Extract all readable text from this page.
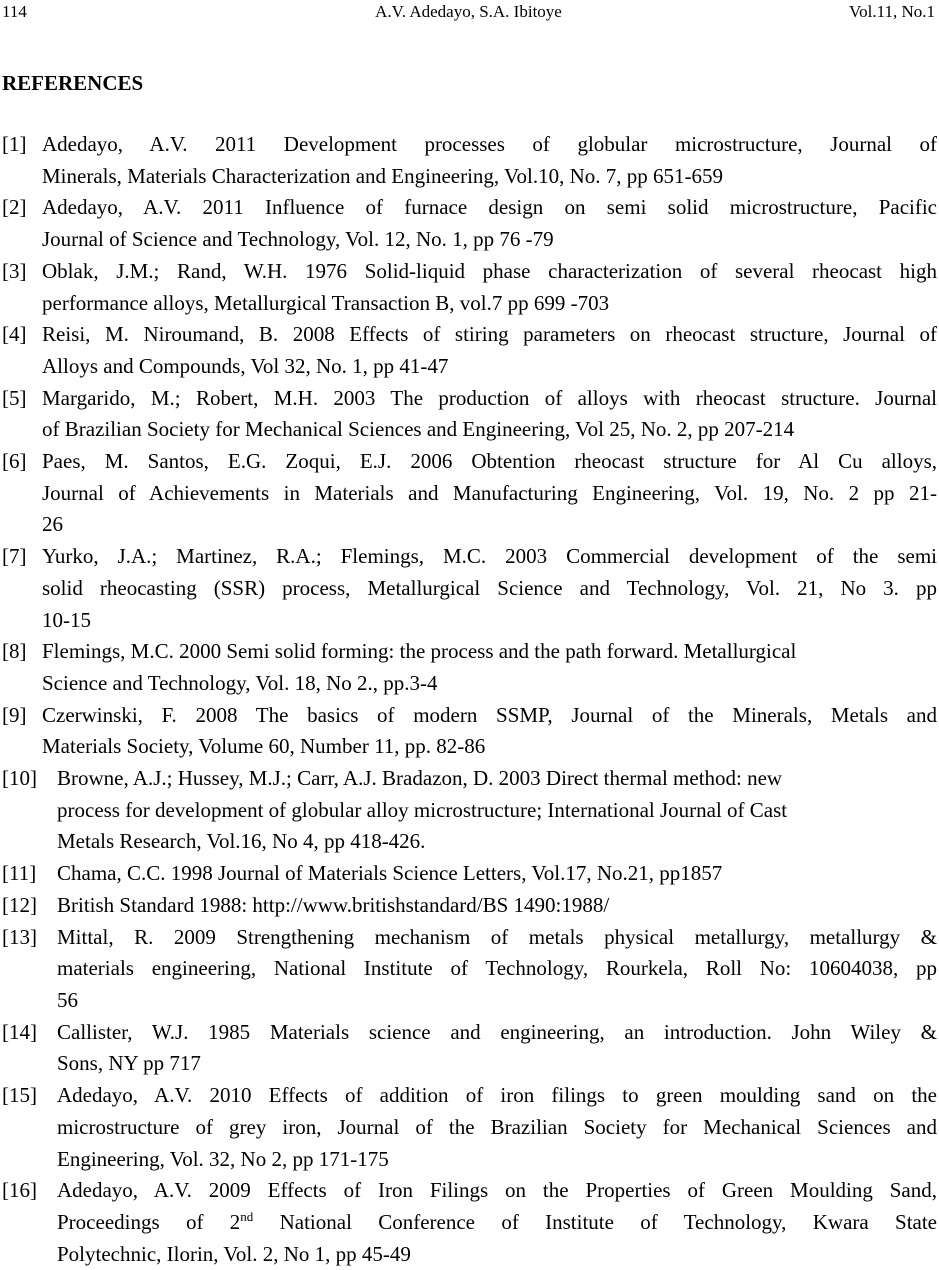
114	A.V. Adedayo, S.A. Ibitoye	Vol.11, No.1
REFERENCES
[1] Adedayo, A.V. 2011 Development processes of globular microstructure, Journal of
Minerals, Materials Characterization and Engineering, Vol.10, No. 7, pp 651-659
[2] Adedayo, A.V. 2011 Influence of furnace design on semi solid microstructure, Pacific
Journal of Science and Technology, Vol. 12, No. 1, pp 76 -79
[3] Oblak, J.M.; Rand, W.H. 1976 Solid-liquid phase characterization of several rheocast high
performance alloys, Metallurgical Transaction B, vol.7 pp 699 -703
[4] Reisi, M. Niroumand, B. 2008 Effects of stiring parameters on rheocast structure, Journal of
Alloys and Compounds, Vol 32, No. 1, pp 41-47
[5] Margarido, M.; Robert, M.H. 2003 The production of alloys with rheocast structure. Journal
of Brazilian Society for Mechanical Sciences and Engineering, Vol 25, No. 2, pp 207-214
[6] Paes, M. Santos, E.G. Zoqui, E.J. 2006 Obtention rheocast structure for Al Cu alloys,
Journal of Achievements in Materials and Manufacturing Engineering, Vol. 19, No. 2 pp 21-
26
[7] Yurko, J.A.; Martinez, R.A.; Flemings, M.C. 2003 Commercial development of the semi
solid rheocasting (SSR) process, Metallurgical Science and Technology, Vol. 21, No 3. pp
10-15
[8] Flemings, M.C. 2000 Semi solid forming: the process and the path forward. Metallurgical
Science and Technology, Vol. 18, No 2., pp.3-4
[9] Czerwinski, F. 2008 The basics of modern SSMP, Journal of the Minerals, Metals and
Materials Society, Volume 60, Number 11, pp. 82-86
[10] Browne, A.J.; Hussey, M.J.; Carr, A.J. Bradazon, D. 2003 Direct thermal method: new
process for development of globular alloy microstructure; International Journal of Cast
Metals Research, Vol.16, No 4, pp 418-426.
[11] Chama, C.C. 1998 Journal of Materials Science Letters, Vol.17, No.21, pp1857
[12] British Standard 1988: http://www.britishstandard/BS 1490:1988/
[13] Mittal, R. 2009 Strengthening mechanism of metals physical metallurgy, metallurgy &
materials engineering, National Institute of Technology, Rourkela, Roll No: 10604038, pp
56
[14] Callister, W.J. 1985 Materials science and engineering, an introduction. John Wiley &
Sons, NY pp 717
[15] Adedayo, A.V. 2010 Effects of addition of iron filings to green moulding sand on the
microstructure of grey iron, Journal of the Brazilian Society for Mechanical Sciences and
Engineering, Vol. 32, No 2, pp 171-175
[16] Adedayo, A.V. 2009 Effects of Iron Filings on the Properties of Green Moulding Sand,
Proceedings of 2nd National Conference of Institute of Technology, Kwara State
Polytechnic, Ilorin, Vol. 2, No 1, pp 45-49
